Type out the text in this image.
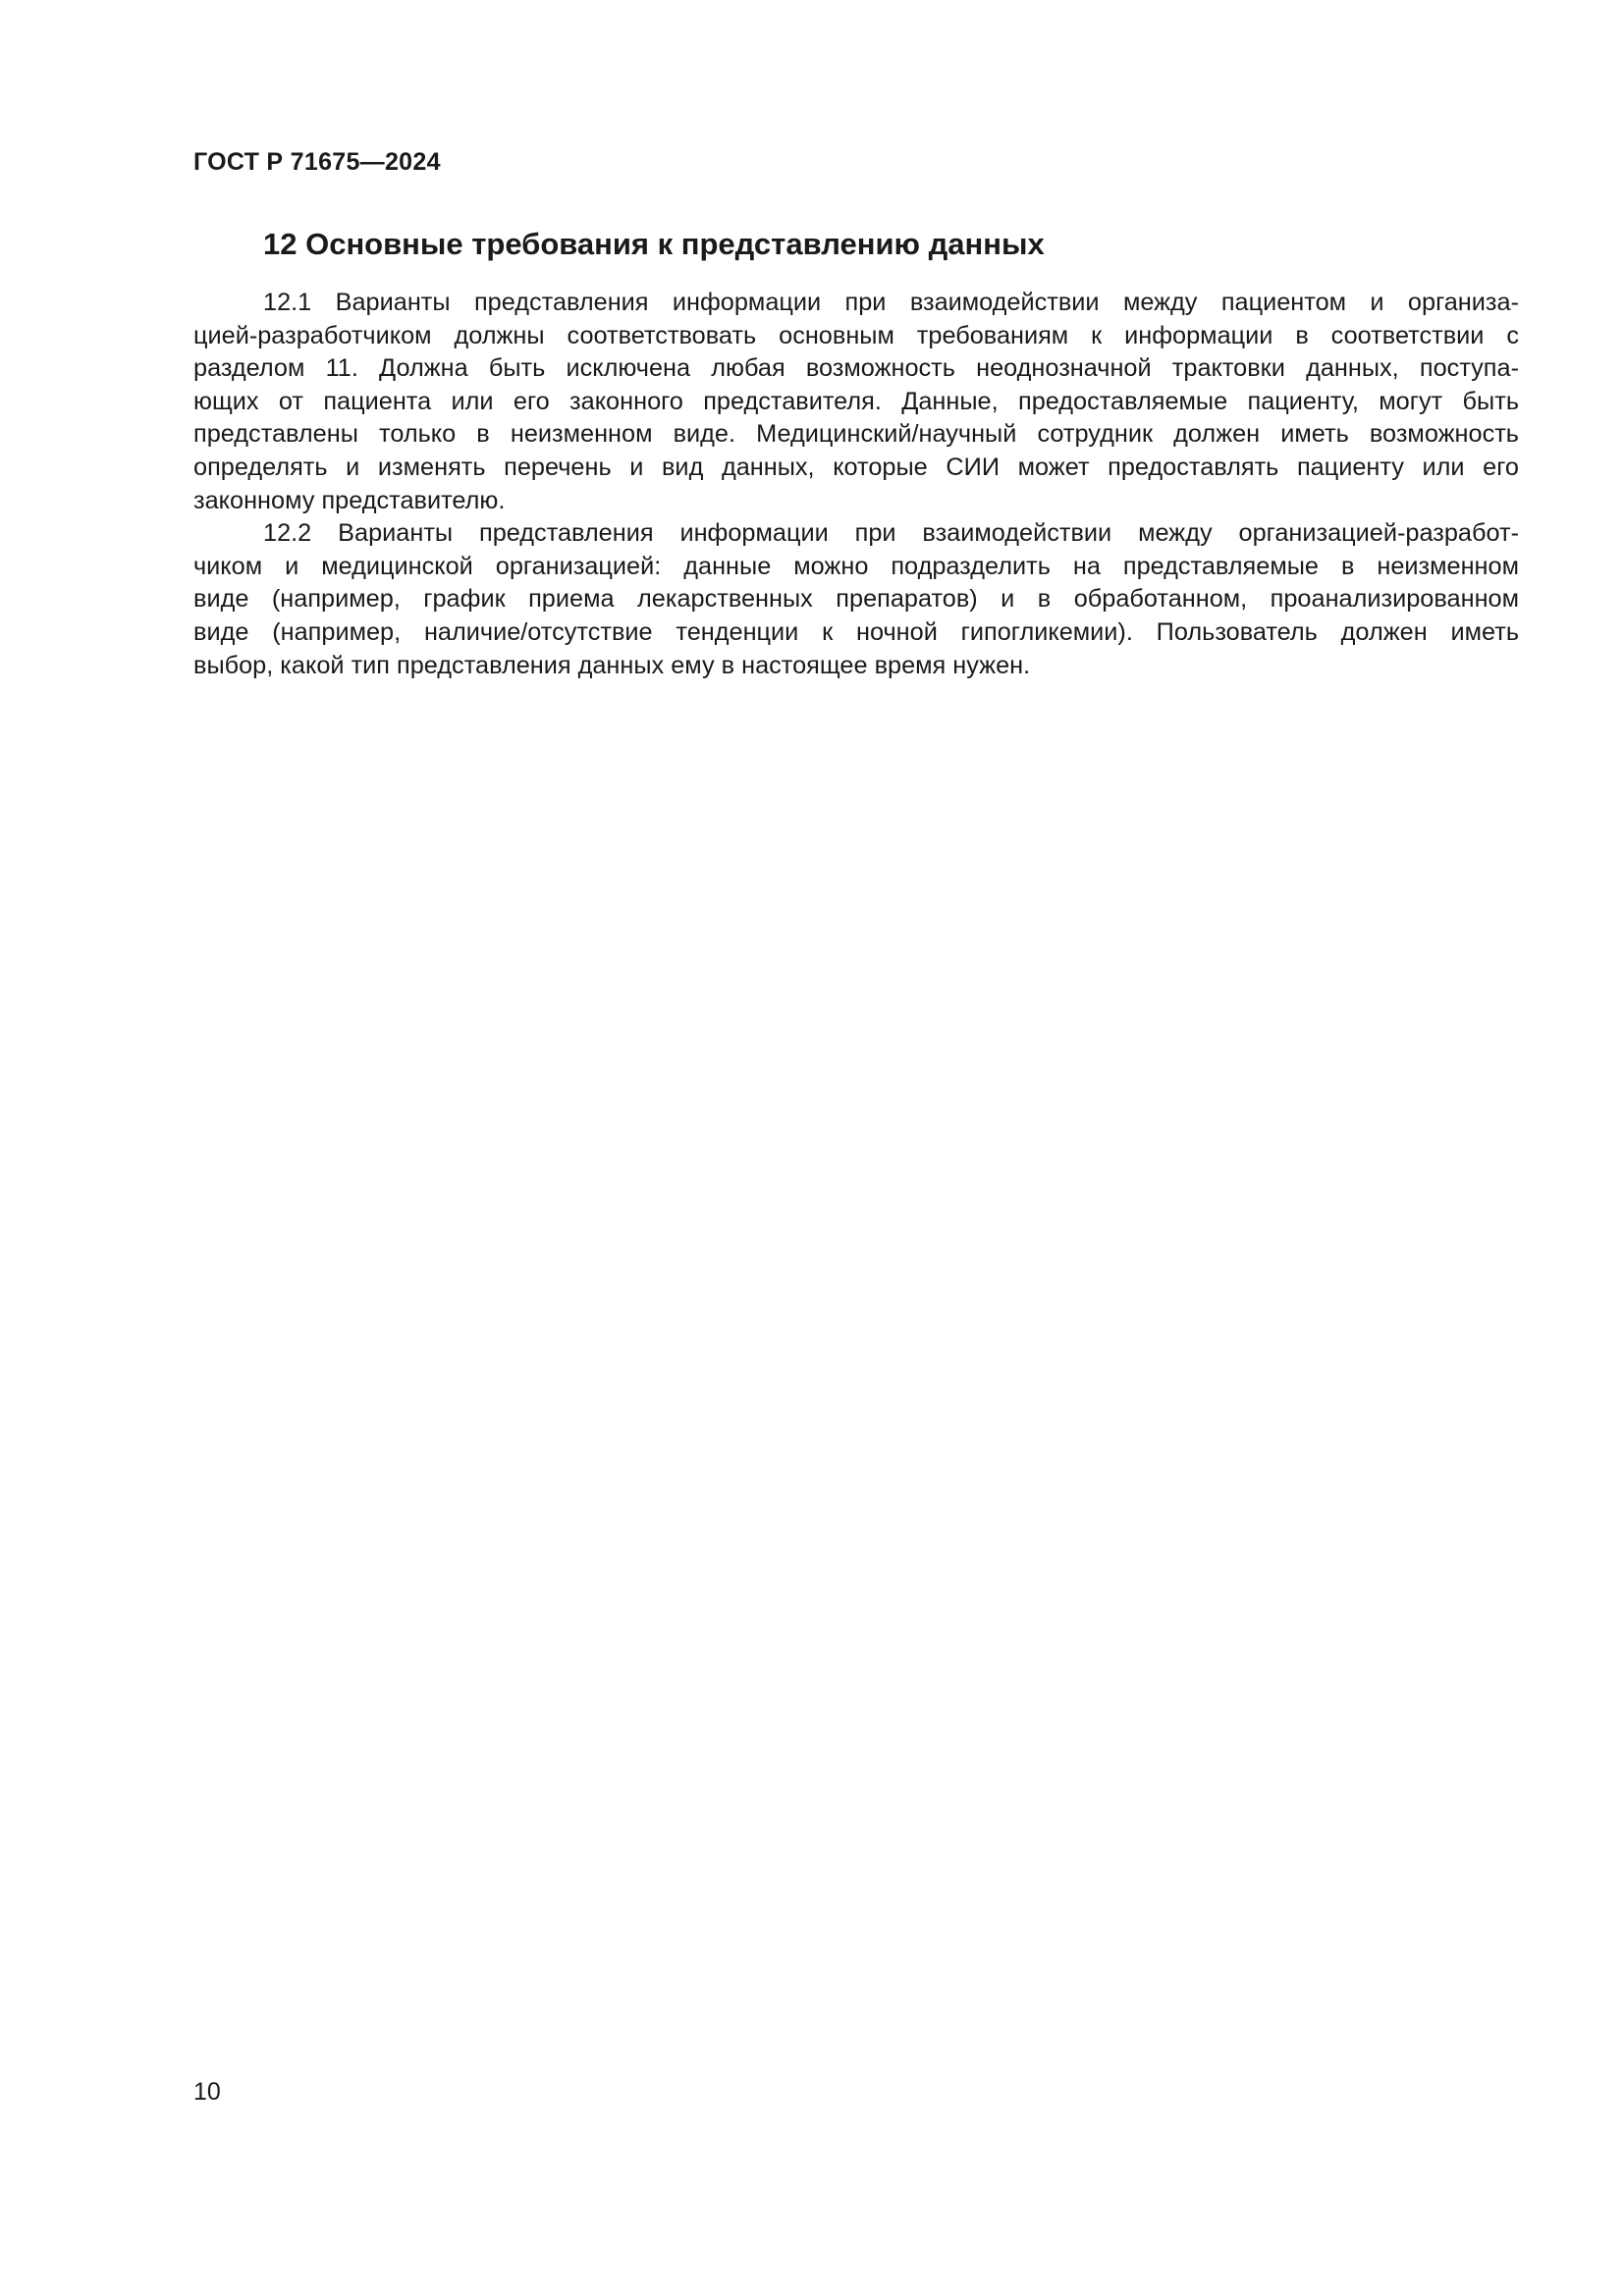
ГОСТ Р 71675—2024
12 Основные требования к представлению данных
12.1 Варианты представления информации при взаимодействии между пациентом и организа-
цией-разработчиком должны соответствовать основным требованиям к информации в соответствии с
разделом 11. Должна быть исключена любая возможность неоднозначной трактовки данных, поступа-
ющих от пациента или его законного представителя. Данные, предоставляемые пациенту, могут быть
представлены только в неизменном виде. Медицинский/научный сотрудник должен иметь возможность
определять и изменять перечень и вид данных, которые СИИ может предоставлять пациенту или его
законному представителю.
12.2 Варианты представления информации при взаимодействии между организацией-разработ-
чиком и медицинской организацией: данные можно подразделить на представляемые в неизменном
виде (например, график приема лекарственных препаратов) и в обработанном, проанализированном
виде (например, наличие/отсутствие тенденции к ночной гипогликемии). Пользователь должен иметь
выбор, какой тип представления данных ему в настоящее время нужен.
10
